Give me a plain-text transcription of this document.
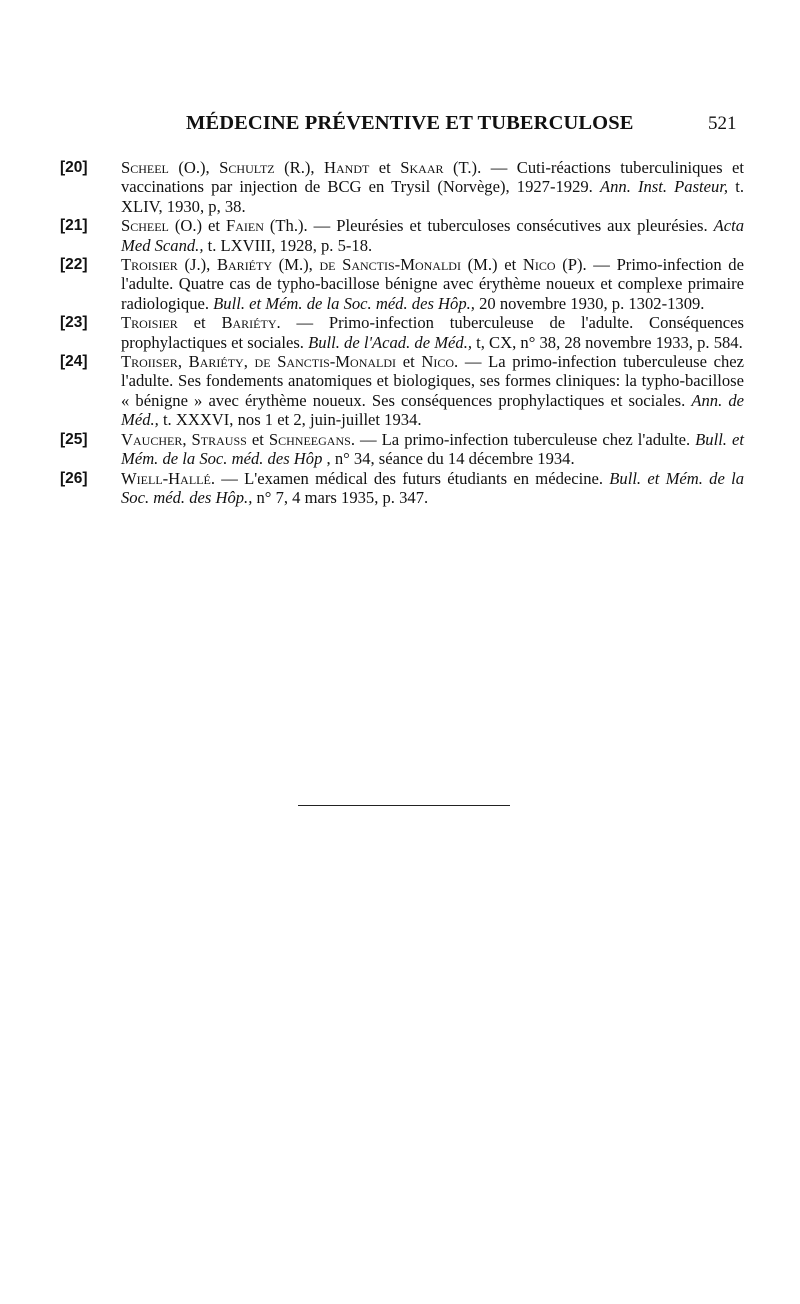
MÉDECINE PRÉVENTIVE ET TUBERCULOSE	521
[20] Scheel (O.), Schultz (R.), Handt et Skaar (T.). — Cuti-réactions tuberculiniques et vaccinations par injection de BCG en Trysil (Norvège), 1927-1929. Ann. Inst. Pasteur, t. XLIV, 1930, p, 38.
[21] Scheel (O.) et Faien (Th.). — Pleurésies et tuberculoses consécutives aux pleurésies. Acta Med Scand., t. LXVIII, 1928, p. 5-18.
[22] Troisier (J.), Bariéty (M.), de Sanctis-Monaldi (M.) et Nico (P). — Primo-infection de l'adulte. Quatre cas de typho-bacillose bénigne avec érythème noueux et complexe primaire radiologique. Bull. et Mém. de la Soc. méd. des Hôp., 20 novembre 1930, p. 1302-1309.
[23] Troisier et Bariéty. — Primo-infection tuberculeuse de l'adulte. Conséquences prophylactiques et sociales. Bull. de l'Acad. de Méd., t, CX, n° 38, 28 novembre 1933, p. 584.
[24] Troiiser, Bariéty, de Sanctis-Monaldi et Nico. — La primo-infection tuberculeuse chez l'adulte. Ses fondements anatomiques et biologiques, ses formes cliniques: la typho-bacillose « bénigne » avec érythème noueux. Ses conséquences prophylactiques et sociales. Ann. de Méd., t. XXXVI, nos 1 et 2, juin-juillet 1934.
[25] Vaucher, Strauss et Schneegans. — La primo-infection tuberculeuse chez l'adulte. Bull. et Mém. de la Soc. méd. des Hôp , n° 34, séance du 14 décembre 1934.
[26] Wiell-Hallé. — L'examen médical des futurs étudiants en médecine. Bull. et Mém. de la Soc. méd. des Hôp., n° 7, 4 mars 1935, p. 347.
